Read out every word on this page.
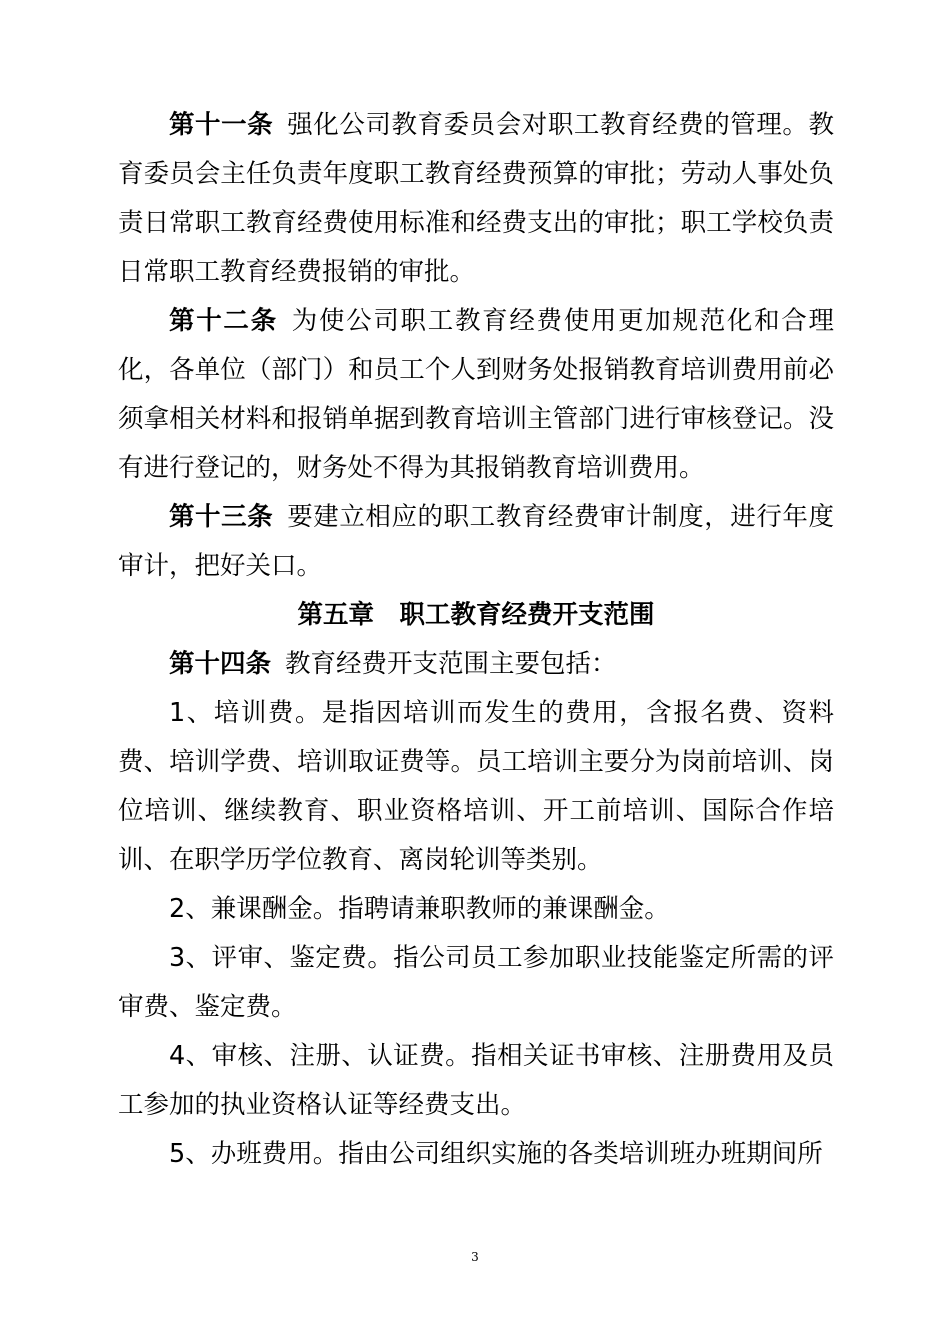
第十一条 强化公司教育委员会对职工教育经费的管理。教育委员会主任负责年度职工教育经费预算的审批；劳动人事处负责日常职工教育经费使用标准和经费支出的审批；职工学校负责日常职工教育经费报销的审批。

第十二条 为使公司职工教育经费使用更加规范化和合理化，各单位（部门）和员工个人到财务处报销教育培训费用前必须拿相关材料和报销单据到教育培训主管部门进行审核登记。没有进行登记的，财务处不得为其报销教育培训费用。

第十三条 要建立相应的职工教育经费审计制度，进行年度审计，把好关口。

第五章　职工教育经费开支范围

第十四条 教育经费开支范围主要包括：

1、培训费。是指因培训而发生的费用，含报名费、资料费、培训学费、培训取证费等。员工培训主要分为岗前培训、岗位培训、继续教育、职业资格培训、开工前培训、国际合作培训、在职学历学位教育、离岗轮训等类别。

2、兼课酬金。指聘请兼职教师的兼课酬金。

3、评审、鉴定费。指公司员工参加职业技能鉴定所需的评审费、鉴定费。

4、审核、注册、认证费。指相关证书审核、注册费用及员工参加的执业资格认证等经费支出。

5、办班费用。指由公司组织实施的各类培训班办班期间所

3
